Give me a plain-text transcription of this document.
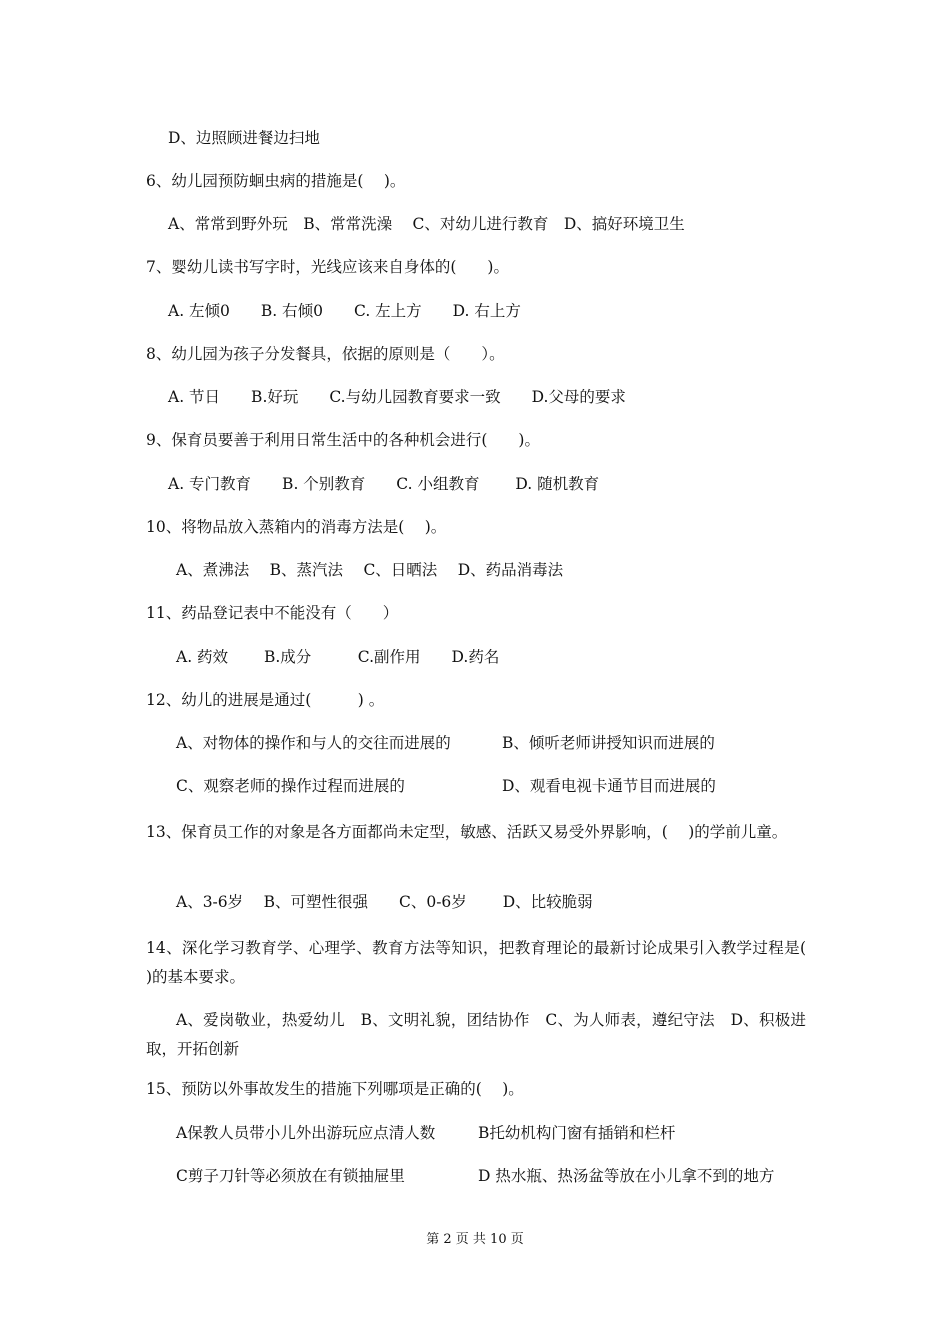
D、边照顾进餐边扫地
6、幼儿园预防蛔虫病的措施是(　 )。
A、常常到野外玩　B、常常洗澡　 C、对幼儿进行教育　D、搞好环境卫生
7、婴幼儿读书写字时，光线应该来自身体的(　　)。
A. 左倾0　　B. 右倾0　　C. 左上方　　D. 右上方
8、幼儿园为孩子分发餐具，依据的原则是（　　）。
A. 节日　　B.好玩　　C.与幼儿园教育要求一致　　D.父母的要求
9、保育员要善于利用日常生活中的各种机会进行(　　)。
A. 专门教育　　B. 个别教育　　C. 小组教育　　 D. 随机教育
10、将物品放入蒸箱内的消毒方法是(　 )。
A、煮沸法　 B、蒸汽法　 C、日晒法　 D、药品消毒法
11、药品登记表中不能没有（　　）
A. 药效　　 B.成分　　　C.副作用　　D.药名
12、幼儿的进展是通过(　　　) 。
A、对物体的操作和与人的交往而进展的	B、倾听老师讲授知识而进展的
C、观察老师的操作过程而进展的	D、观看电视卡通节目而进展的
13、保育员工作的对象是各方面都尚未定型，敏感、活跃又易受外界影响，(　 )的学前儿童。
A、3-6岁　 B、可塑性很强　　C、0-6岁　　 D、比较脆弱
14、深化学习教育学、心理学、教育方法等知识，把教育理论的最新讨论成果引入教学过程是(　 )的基本要求。
A、爱岗敬业，热爱幼儿　B、文明礼貌，团结协作　C、为人师表，遵纪守法　D、积极进取，开拓创新
15、预防以外事故发生的措施下列哪项是正确的(　 )。
A保教人员带小儿外出游玩应点清人数	B托幼机构门窗有插销和栏杆
C剪子刀针等必须放在有锁抽屉里	D 热水瓶、热汤盆等放在小儿拿不到的地方
第 2 页 共 10 页
